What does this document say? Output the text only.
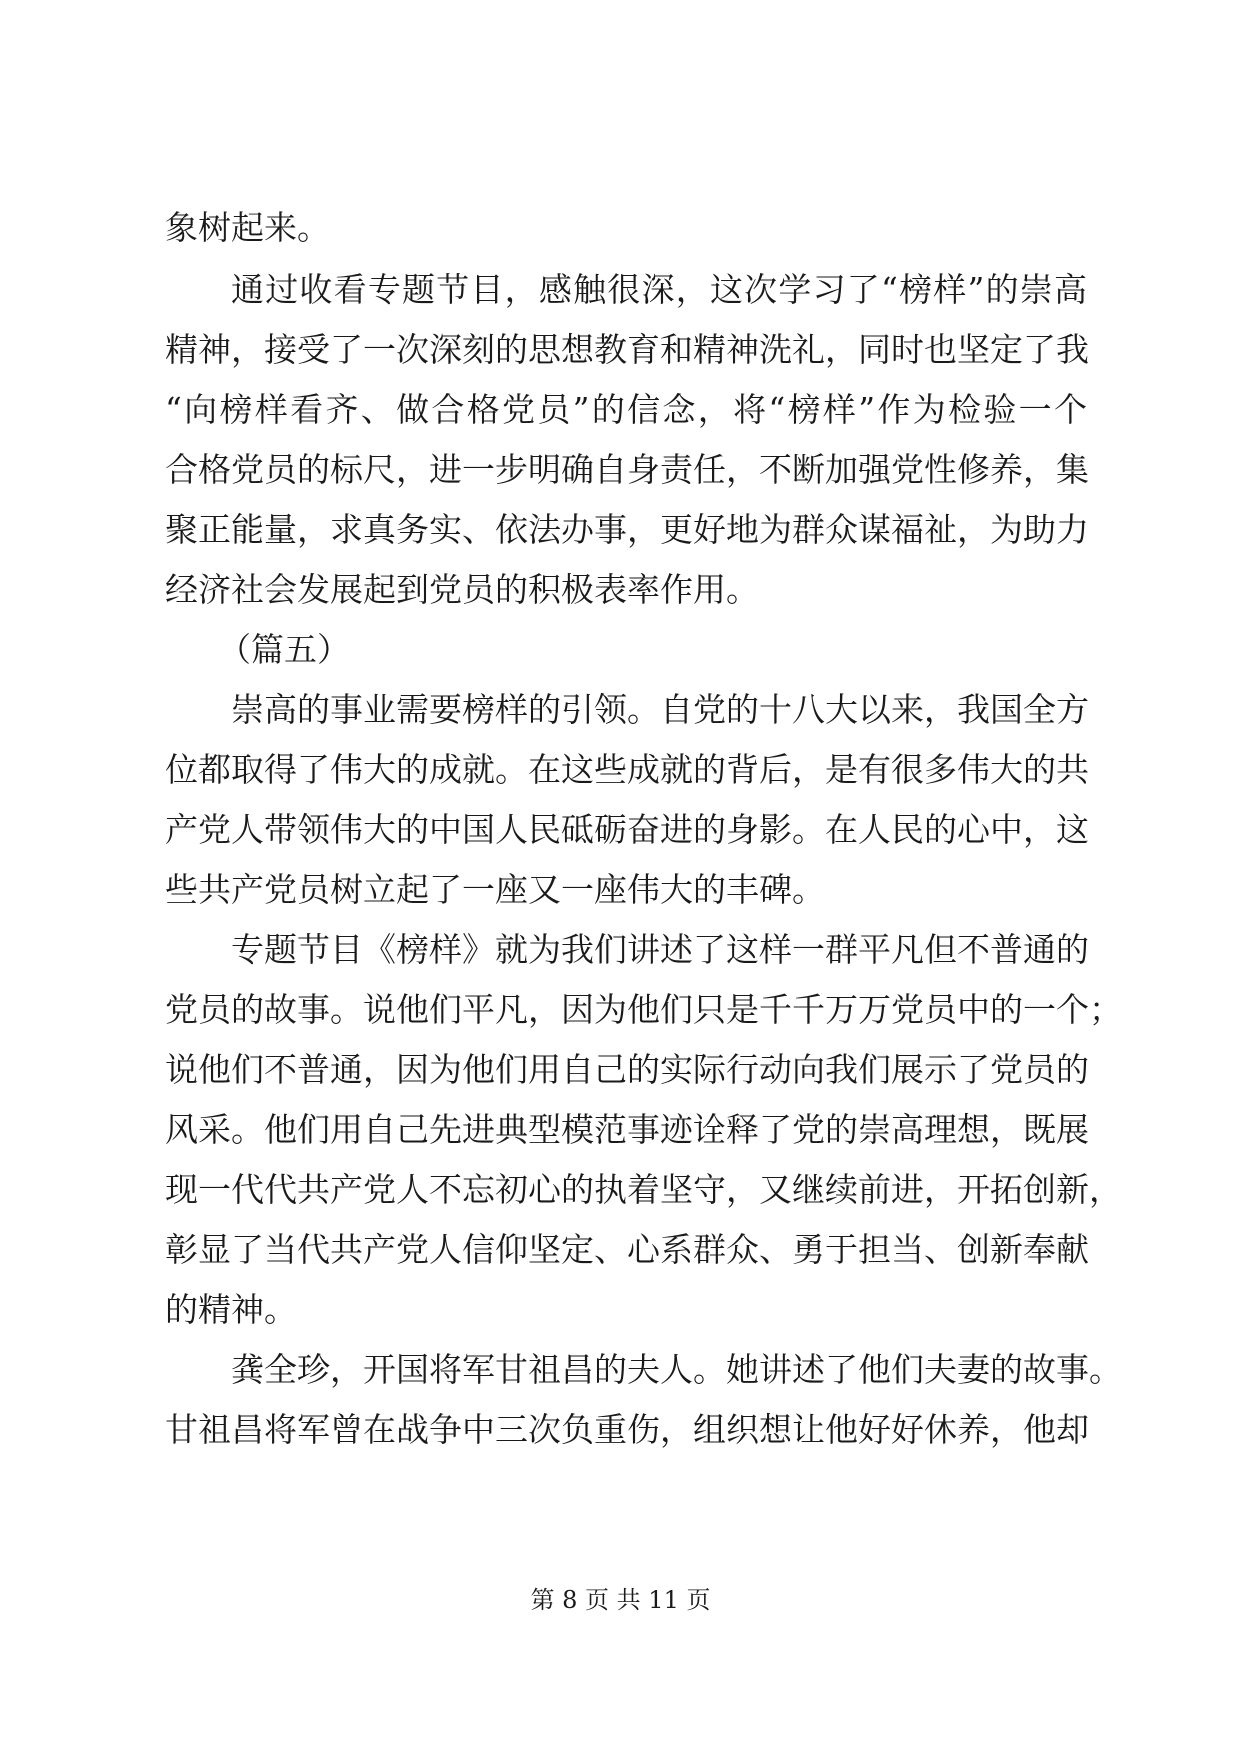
象树起来。
通过收看专题节目，感触很深，这次学习了“榜样”的崇高
精神，接受了一次深刻的思想教育和精神洗礼，同时也坚定了我
“向榜样看齐、做合格党员”的信念，将“榜样”作为检验一个
合格党员的标尺，进一步明确自身责任，不断加强党性修养，集
聚正能量，求真务实、依法办事，更好地为群众谋福祉，为助力
经济社会发展起到党员的积极表率作用。
（篇五）
崇高的事业需要榜样的引领。自党的十八大以来，我国全方
位都取得了伟大的成就。在这些成就的背后，是有很多伟大的共
产党人带领伟大的中国人民砥砺奋进的身影。在人民的心中，这
些共产党员树立起了一座又一座伟大的丰碑。
专题节目《榜样》就为我们讲述了这样一群平凡但不普通的
党员的故事。说他们平凡，因为他们只是千千万万党员中的一个；
说他们不普通，因为他们用自己的实际行动向我们展示了党员的
风采。他们用自己先进典型模范事迹诠释了党的崇高理想，既展
现一代代共产党人不忘初心的执着坚守，又继续前进，开拓创新，
彰显了当代共产党人信仰坚定、心系群众、勇于担当、创新奉献
的精神。
龚全珍，开国将军甘祖昌的夫人。她讲述了他们夫妻的故事。
甘祖昌将军曾在战争中三次负重伤，组织想让他好好休养，他却
第 8 页 共 11 页
